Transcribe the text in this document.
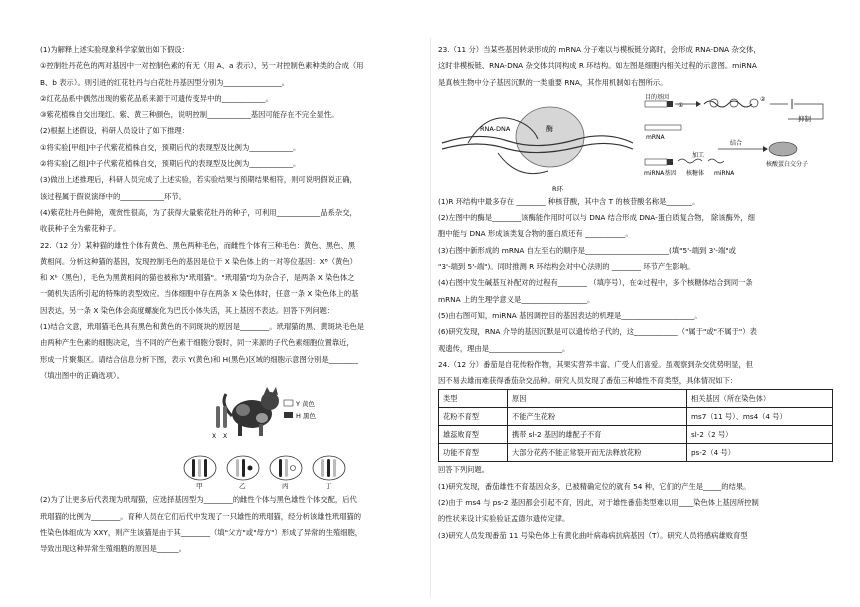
(1)为解释上述实验现象科学家做出如下假设：

①控制牡丹花色的两对基因中一对控制色素的有无（用 A、a 表示），另一对控制色素种类的合成（用

B、b 表示）。则引进的红花牡丹与白花牡丹基因型分别为________________。

②红花品系中偶然出现的紫花品系来源于可遗传变异中的____________。

③紫花植株自交出现红、紫、黄三种颜色，说明控制____________基因可能存在不完全显性。

(2)根据上述假设，科研人员设计了如下推理：

①将实验[甲组]中子代紫花植株自交，预期后代的表现型及比例为____________。

②将实验[乙组]中子代紫花植株自交，预期后代的表现型及比例为____________。

(3)做出上述推理后，科研人员完成了上述实验，若实验结果与预期结果相符，则可说明假说正确，

该过程属于假说演绎中的____________环节。

(4)紫花牡丹色鲜艳，观赏性很高，为了获得大量紫花牡丹的种子，可利用____________品系杂交，

收获种子全为紫花种子。

22.（12 分）某种猫的雄性个体有黄色、黑色两种毛色，而雌性个体有三种毛色：黄色、黑色、黑

黄相间。分析这种猫的基因，发现控制毛色的基因是位于 X 染色体上的一对等位基因：Xᴮ（黄色）

和 Xᵇ（黑色），毛色为黑黄相间的猫也被称为"玳瑁猫"。"玳瑁猫"均为杂合子，是两条 X 染色体之

一随机失活所引起的特殊的表型效应。当体细胞中存在两条 X 染色体时，任意一条 X 染色体上的基

因表达，另一条 X 染色体会高度螺旋化为巴氏小体失活，其上基因不表达。回答下列问题：

(1)结合文意，玳瑁猫毛色具有黑色和黄色的不同斑块的原因是________。玳瑁猫的黑、黄斑块毛色是

由两种产生色素的细胞决定，当不同的产色素干细胞分裂时，同一来源的子代色素细胞位置靠近，

形成一片聚集区。请结合信息分析下图，表示 Y(黄色)和 H(黑色)区域的细胞示意图分别是________

（填出图中的正确选项）。

X X
Y 黄色
H 黑色
甲	乙	丙	丁

(2)为了让更多后代表现为玳瑁猫，应选择基因型为________的雌性个体与黑色雄性个体交配，后代

玳瑁猫的比例为________。育种人员在它们后代中发现了一只雄性的玳瑁猫，经分析该雄性玳瑁猫的

性染色体组成为 XXY，则产生该猫是由于其________（填"父方"或"母方"）形成了异常的生殖细胞，

导致出现这种异常生殖细胞的原因是______。

23.（11 分）当某些基因转录形成的 mRNA 分子难以与模板链分离时，会形成 RNA-DNA 杂交体，

这时非模板链、RNA-DNA 杂交体共同构成 R 环结构。如左图是细胞内相关过程的示意图。miRNA

是真核生物中分子基因沉默的一类重要 RNA，其作用机制如右图所示。

RNA-DNA	酶
R环
目的基因
①
②
抑制
mRNA
结合
核酸蛋白交分子
加工
miRNA基因 核糖体 miRNA

(1)R 环结构中最多存在 ________ 种核苷酸，其中含 T 的核苷酸名称是_______。

(2)左图中的酶是________该酶能作用时可以与 DNA 结合形成 DNA-蛋白质复合物， 除该酶外，细

胞中能与 DNA 形成该类复合物的蛋白质还有 ___________。

(3)右图中新形成的 mRNA 自左至右的顺序是_______________________(填"5'-端到 3'-端"或

"3'-端到 5'-端")。同时推测 R 环结构会对中心法则的 ________ 环节产生影响。

(4)右图中发生碱基互补配对的过程有________ （填序号），在②过程中，多个核糖体结合到同一条

mRNA 上的生理学意义是__________________。

(5)由右图可知，miRNA 基因调控目的基因表达的机理是____________________。

(6)研究发现，RNA 介导的基因沉默是可以遗传给子代的，这____________（"属于"或"不属于"）表

观遗传，理由是____________________。

24.（12 分）番茄是自花传粉作物，其果实营养丰富、广受人们喜爱。虽观察到杂交优势明显，但

因不易去雄而难获得番茄杂交品种。研究人员发现了番茄三种雄性不育类型，具体情况如下：

类型	原因	相关基因（所在染色体）
花粉不育型	不能产生花粉	ms7（11 号）、ms4（4 号）
雄蕊败育型	携带 sl-2 基因的雄配子不育	sl-2（2 号）
功能不育型	大部分花药不能正常裂开而无法释放花粉	ps-2（4 号）

回答下列问题。

(1)研究发现，番茄雄性不育基因众多，已被精确定位的就有 54 种，它们的产生是_____的结果。

(2)由于 ms4 与 ps-2 基因都会引起不育，因此，对于雄性番茄类型难以用____染色体上基因所控制

的性状来设计实验验证孟德尔遗传定律。

(3)研究人员发现番茄 11 号染色体上有黄化曲叶病毒病抗病基因（T）。研究人员将感病雄败育型
